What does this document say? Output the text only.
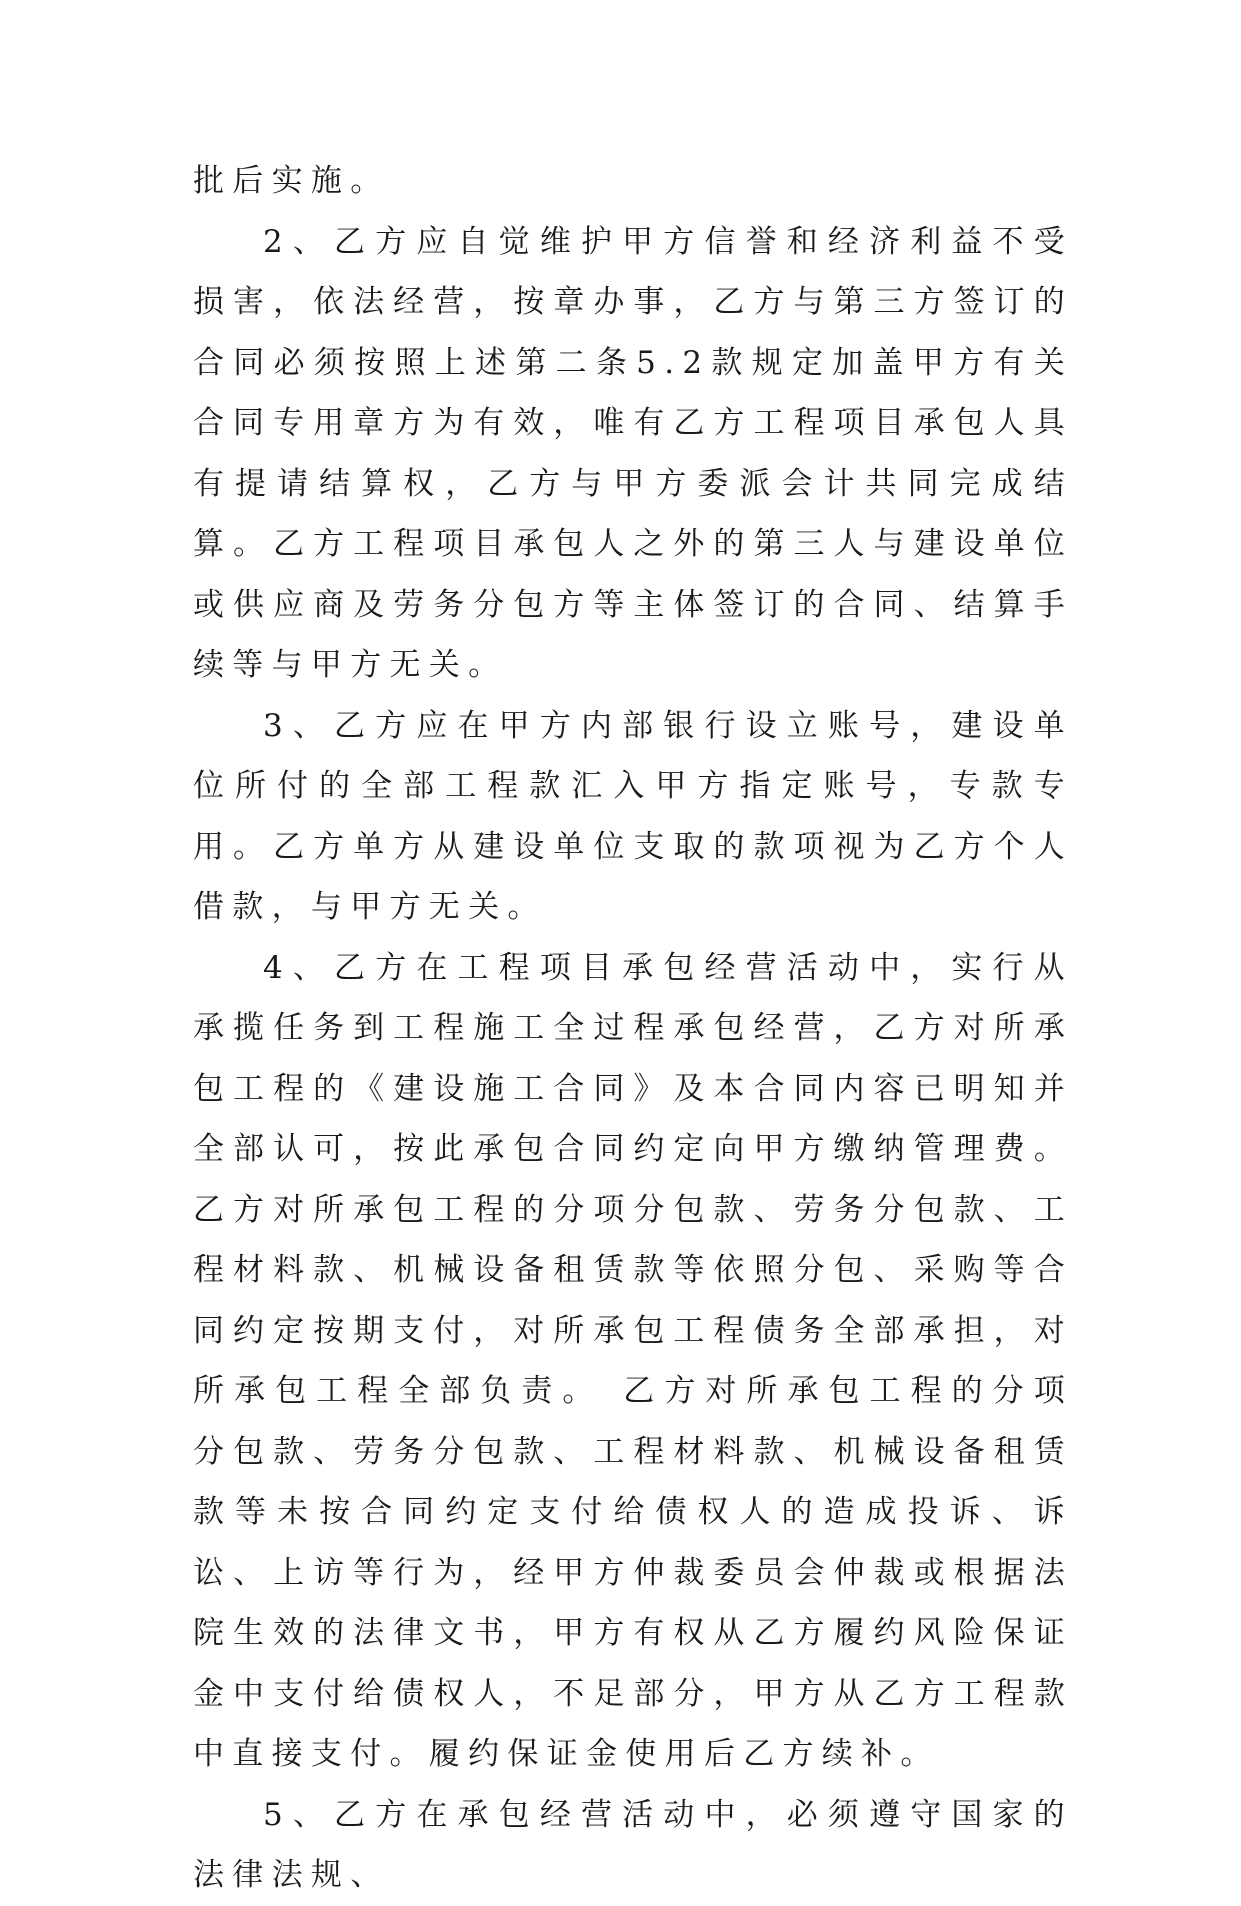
批后实施。

2、乙方应自觉维护甲方信誉和经济利益不受损害，依法经营，按章办事，乙方与第三方签订的合同必须按照上述第二条5.2款规定加盖甲方有关合同专用章方为有效，唯有乙方工程项目承包人具有提请结算权，乙方与甲方委派会计共同完成结算。乙方工程项目承包人之外的第三人与建设单位或供应商及劳务分包方等主体签订的合同、结算手续等与甲方无关。

3、乙方应在甲方内部银行设立账号，建设单位所付的全部工程款汇入甲方指定账号，专款专用。乙方单方从建设单位支取的款项视为乙方个人借款，与甲方无关。

4、乙方在工程项目承包经营活动中，实行从承揽任务到工程施工全过程承包经营，乙方对所承包工程的《建设施工合同》及本合同内容已明知并全部认可，按此承包合同约定向甲方缴纳管理费。乙方对所承包工程的分项分包款、劳务分包款、工程材料款、机械设备租赁款等依照分包、采购等合同约定按期支付，对所承包工程债务全部承担，对所承包工程全部负责。 乙方对所承包工程的分项分包款、劳务分包款、工程材料款、机械设备租赁款等未按合同约定支付给债权人的造成投诉、诉讼、上访等行为，经甲方仲裁委员会仲裁或根据法院生效的法律文书，甲方有权从乙方履约风险保证金中支付给债权人，不足部分，甲方从乙方工程款中直接支付。履约保证金使用后乙方续补。

5、乙方在承包经营活动中，必须遵守国家的法律法规、
